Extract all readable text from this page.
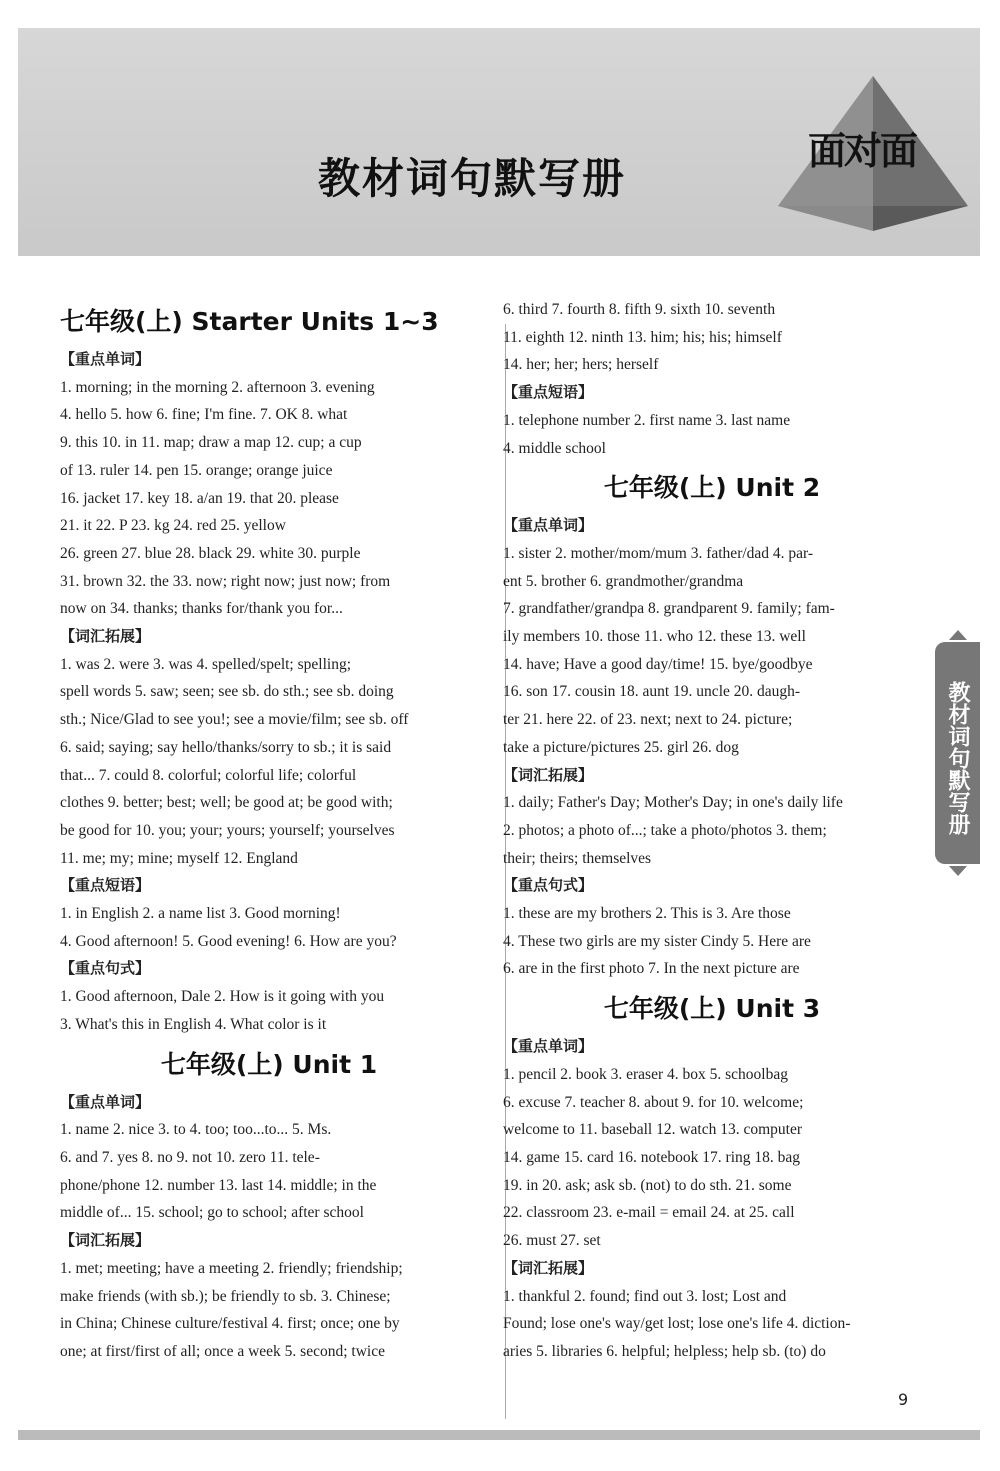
教材词句默写册
面对面
教材词句默写册
七年级(上) Starter Units 1~3
【重点单词】
1. morning; in the morning 2. afternoon 3. evening
4. hello 5. how 6. fine; I'm fine. 7. OK 8. what
9. this 10. in 11. map; draw a map 12. cup; a cup
of 13. ruler 14. pen 15. orange; orange juice
16. jacket 17. key 18. a/an 19. that 20. please
21. it 22. P 23. kg 24. red 25. yellow
26. green 27. blue 28. black 29. white 30. purple
31. brown 32. the 33. now; right now; just now; from
now on 34. thanks; thanks for/thank you for...
【词汇拓展】
1. was 2. were 3. was 4. spelled/spelt; spelling;
spell words 5. saw; seen; see sb. do sth.; see sb. doing
sth.; Nice/Glad to see you!; see a movie/film; see sb. off
6. said; saying; say hello/thanks/sorry to sb.; it is said
that... 7. could 8. colorful; colorful life; colorful
clothes 9. better; best; well; be good at; be good with;
be good for 10. you; your; yours; yourself; yourselves
11. me; my; mine; myself 12. England
【重点短语】
1. in English 2. a name list 3. Good morning!
4. Good afternoon! 5. Good evening! 6. How are you?
【重点句式】
1. Good afternoon, Dale 2. How is it going with you
3. What's this in English 4. What color is it
七年级(上) Unit 1
【重点单词】
1. name 2. nice 3. to 4. too; too...to... 5. Ms.
6. and 7. yes 8. no 9. not 10. zero 11. tele-
phone/phone 12. number 13. last 14. middle; in the
middle of... 15. school; go to school; after school
【词汇拓展】
1. met; meeting; have a meeting 2. friendly; friendship;
make friends (with sb.); be friendly to sb. 3. Chinese;
in China; Chinese culture/festival 4. first; once; one by
one; at first/first of all; once a week 5. second; twice
6. third 7. fourth 8. fifth 9. sixth 10. seventh
11. eighth 12. ninth 13. him; his; his; himself
14. her; her; hers; herself
【重点短语】
1. telephone number 2. first name 3. last name
4. middle school
七年级(上) Unit 2
【重点单词】
1. sister 2. mother/mom/mum 3. father/dad 4. par-
ent 5. brother 6. grandmother/grandma
7. grandfather/grandpa 8. grandparent 9. family; fam-
ily members 10. those 11. who 12. these 13. well
14. have; Have a good day/time! 15. bye/goodbye
16. son 17. cousin 18. aunt 19. uncle 20. daugh-
ter 21. here 22. of 23. next; next to 24. picture;
take a picture/pictures 25. girl 26. dog
【词汇拓展】
1. daily; Father's Day; Mother's Day; in one's daily life
2. photos; a photo of...; take a photo/photos 3. them;
their; theirs; themselves
【重点句式】
1. these are my brothers 2. This is 3. Are those
4. These two girls are my sister Cindy 5. Here are
6. are in the first photo 7. In the next picture are
七年级(上) Unit 3
【重点单词】
1. pencil 2. book 3. eraser 4. box 5. schoolbag
6. excuse 7. teacher 8. about 9. for 10. welcome;
welcome to 11. baseball 12. watch 13. computer
14. game 15. card 16. notebook 17. ring 18. bag
19. in 20. ask; ask sb. (not) to do sth. 21. some
22. classroom 23. e-mail = email 24. at 25. call
26. must 27. set
【词汇拓展】
1. thankful 2. found; find out 3. lost; Lost and
Found; lose one's way/get lost; lose one's life 4. diction-
aries 5. libraries 6. helpful; helpless; help sb. (to) do
9
